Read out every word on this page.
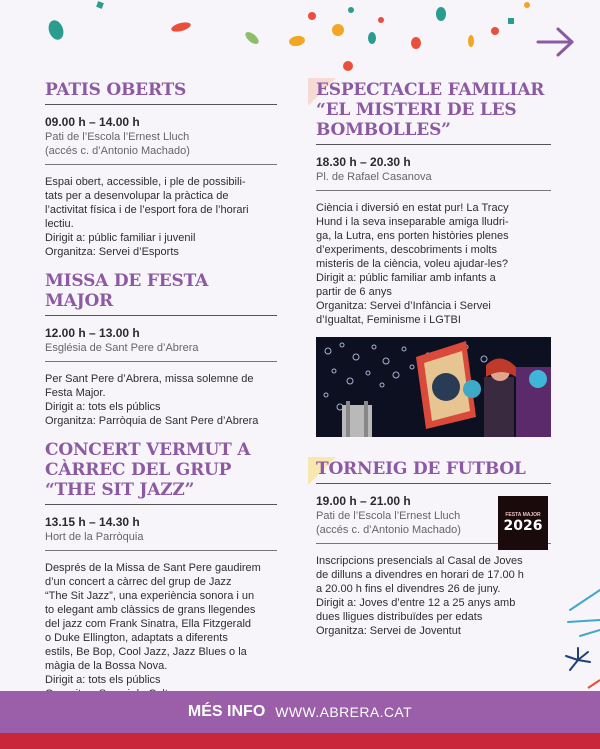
PATIS OBERTS
09.00 h – 14.00 h
Pati de l’Escola l’Ernest Lluch
(accés c. d’Antonio Machado)
Espai obert, accessible, i ple de possibili-
tats per a desenvolupar la pràctica de
l’activitat física i de l’esport fora de l’horari
lectiu.
Dirigit a: públic familiar i juvenil
Organitza: Servei d’Esports
MISSA DE FESTA MAJOR
12.00 h – 13.00 h
Església de Sant Pere d’Abrera
Per Sant Pere d’Abrera, missa solemne de
Festa Major.
Dirigit a: tots els públics
Organitza: Parròquia de Sant Pere d’Abrera
CONCERT VERMUT A
CÀRREC DEL GRUP
“THE SIT JAZZ”
13.15 h – 14.30 h
Hort de la Parròquia
Després de la Missa de Sant Pere gaudirem
d’un concert a càrrec del grup de Jazz
“The Sit Jazz”, una experiència sonora i un
to elegant amb clàssics de grans llegendes
del jazz com Frank Sinatra, Ella Fitzgerald
o Duke Ellington, adaptats a diferents
estils, Be Bop, Cool Jazz, Jazz Blues o la
màgia de la Bossa Nova.
Dirigit a: tots els públics

ESPECTACLE FAMILIAR
“EL MISTERI DE LES
BOMBOLLES”
18.30 h – 20.30 h
Pl. de Rafael Casanova
Ciència i diversió en estat pur! La Tracy
Hund i la seva inseparable amiga lludri-
ga, la Lutra, ens porten històries plenes
d’experiments, descobriments i molts
misteris de la ciència, voleu ajudar-les?
Dirigit a: públic familiar amb infants a
partir de 6 anys
Organitza: Servei d’Infància i Servei
d’Igualtat, Feminisme i LGTBI
TORNEIG DE FUTBOL
19.00 h – 21.00 h
Pati de l’Escola l’Ernest Lluch
(accés c. d’Antonio Machado)
FESTA MAJOR
2026
Inscripcions presencials al Casal de Joves
de dilluns a divendres en horari de 17.00 h
a 20.00 h fins el divendres 26 de juny.
Dirigit a: Joves d’entre 12 a 25 anys amb
dues lligues distribuïdes per edats
Organitza: Servei de Joventut
MÉS INFO WWW.ABRERA.CAT
